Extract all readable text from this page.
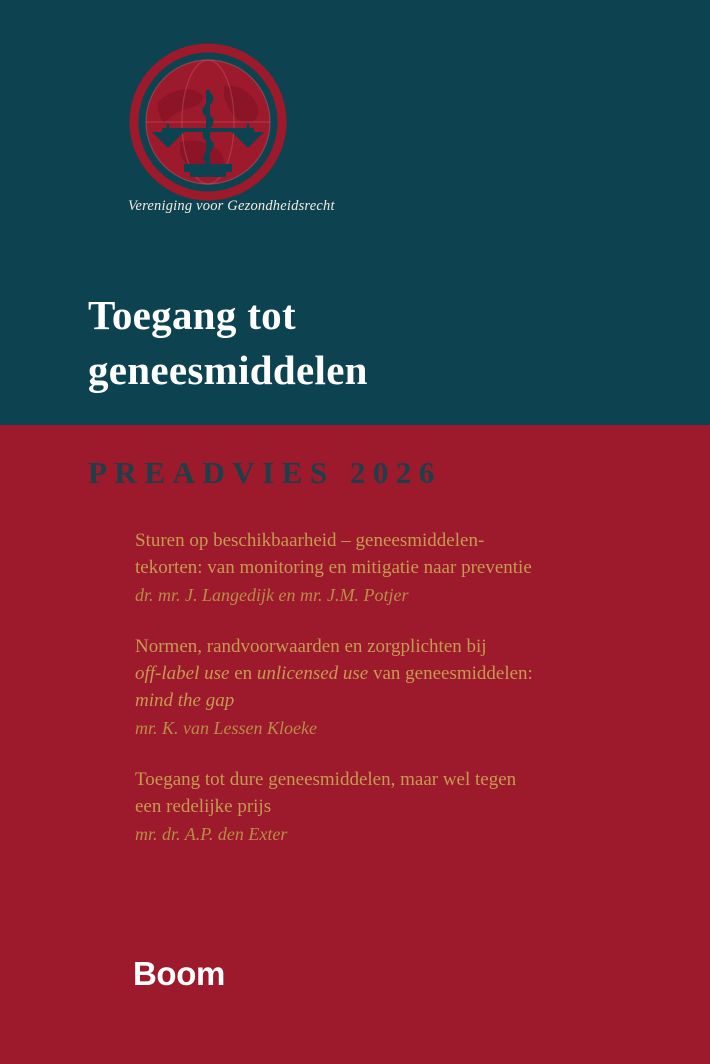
Vereniging voor Gezondheidsrecht
Toegang tot
geneesmiddelen
PREADVIES 2026
Sturen op beschikbaarheid – geneesmiddelen-
tekorten: van monitoring en mitigatie naar preventie
dr. mr. J. Langedijk en mr. J.M. Potjer
Normen, randvoorwaarden en zorgplichten bij
off-label use en unlicensed use van geneesmiddelen:
mind the gap
mr. K. van Lessen Kloeke
Toegang tot dure geneesmiddelen, maar wel tegen
een redelijke prijs
mr. dr. A.P. den Exter
Boom
